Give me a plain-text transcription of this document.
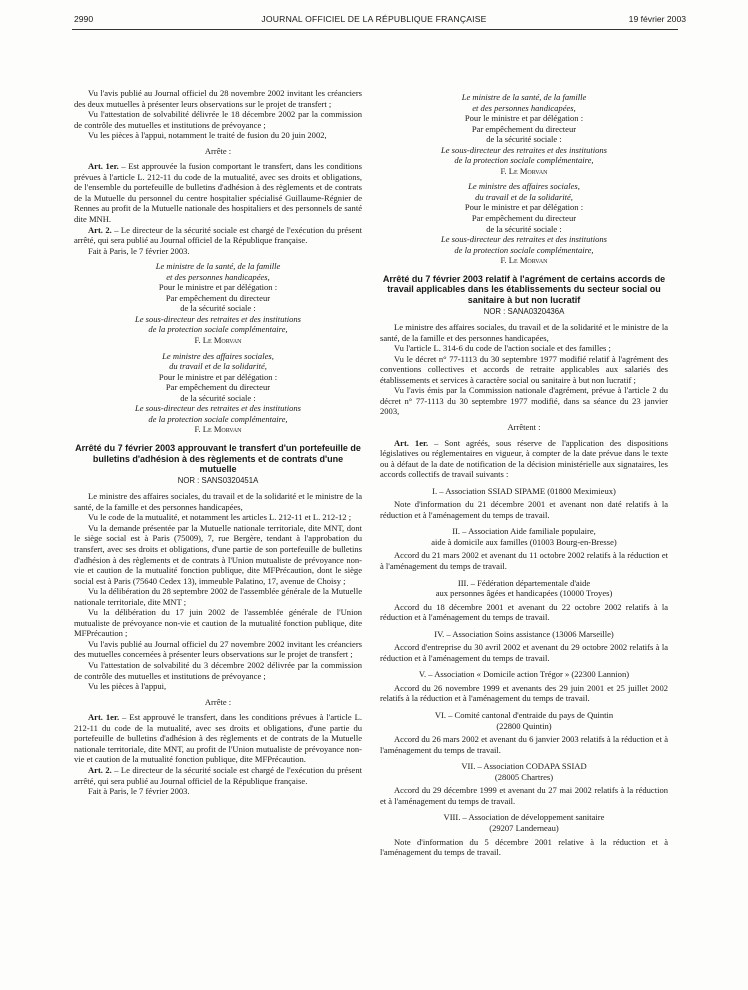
2990	JOURNAL OFFICIEL DE LA RÉPUBLIQUE FRANÇAISE	19 février 2003

Vu l'avis publié au Journal officiel du 28 novembre 2002 invitant les créanciers des deux mutuelles à présenter leurs observations sur le projet de transfert ;

Vu l'attestation de solvabilité délivrée le 18 décembre 2002 par la commission de contrôle des mutuelles et institutions de prévoyance ;

Vu les pièces à l'appui, notamment le traité de fusion du 20 juin 2002,

Arrête :

Art. 1er. – Est approuvée la fusion comportant le transfert, dans les conditions prévues à l'article L. 212-11 du code de la mutualité, avec ses droits et obligations, de l'ensemble du portefeuille de bulletins d'adhésion à des règlements et de contrats de la Mutuelle du personnel du centre hospitalier spécialisé Guillaume-Régnier de Rennes au profit de la Mutuelle nationale des hospitaliers et des personnels de santé dite MNH.

Art. 2. – Le directeur de la sécurité sociale est chargé de l'exécution du présent arrêté, qui sera publié au Journal officiel de la République française.

Fait à Paris, le 7 février 2003.

Le ministre de la santé, de la famille
et des personnes handicapées,
Pour le ministre et par délégation :
Par empêchement du directeur
de la sécurité sociale :
Le sous-directeur des retraites et des institutions
de la protection sociale complémentaire,
F. Le Morvan
Le ministre des affaires sociales,
du travail et de la solidarité,
Pour le ministre et par délégation :
Par empêchement du directeur
de la sécurité sociale :
Le sous-directeur des retraites et des institutions
de la protection sociale complémentaire,
F. Le Morvan

Arrêté du 7 février 2003 approuvant le transfert d'un portefeuille de bulletins d'adhésion à des règlements et de contrats d'une mutuelle

NOR : SANS0320451A

Le ministre des affaires sociales, du travail et de la solidarité et le ministre de la santé, de la famille et des personnes handicapées,

Vu le code de la mutualité, et notamment les articles L. 212-11 et L. 212-12 ;

Vu la demande présentée par la Mutuelle nationale territoriale, dite MNT, dont le siège social est à Paris (75009), 7, rue Bergère, tendant à l'approbation du transfert, avec ses droits et obligations, d'une partie de son portefeuille de bulletins d'adhésion à des règlements et de contrats à l'Union mutualiste de prévoyance non-vie et caution de la mutualité fonction publique, dite MFPrécaution, dont le siège social est à Paris (75640 Cedex 13), immeuble Palatino, 17, avenue de Choisy ;

Vu la délibération du 28 septembre 2002 de l'assemblée générale de la Mutuelle nationale territoriale, dite MNT ;

Vu la délibération du 17 juin 2002 de l'assemblée générale de l'Union mutualiste de prévoyance non-vie et caution de la mutualité fonction publique, dite MFPrécaution ;

Vu l'avis publié au Journal officiel du 27 novembre 2002 invitant les créanciers des mutuelles concernées à présenter leurs observations sur le projet de transfert ;

Vu l'attestation de solvabilité du 3 décembre 2002 délivrée par la commission de contrôle des mutuelles et institutions de prévoyance ;

Vu les pièces à l'appui,

Arrête :

Art. 1er. – Est approuvé le transfert, dans les conditions prévues à l'article L. 212-11 du code de la mutualité, avec ses droits et obligations, d'une partie du portefeuille de bulletins d'adhésion à des règlements et de contrats de la Mutuelle nationale territoriale, dite MNT, au profit de l'Union mutualiste de prévoyance non-vie et caution de la mutualité fonction publique, dite MFPrécaution.

Art. 2. – Le directeur de la sécurité sociale est chargé de l'exécution du présent arrêté, qui sera publié au Journal officiel de la République française.

Fait à Paris, le 7 février 2003.

Le ministre de la santé, de la famille
et des personnes handicapées,
Pour le ministre et par délégation :
Par empêchement du directeur
de la sécurité sociale :
Le sous-directeur des retraites et des institutions
de la protection sociale complémentaire,
F. Le Morvan
Le ministre des affaires sociales,
du travail et de la solidarité,
Pour le ministre et par délégation :
Par empêchement du directeur
de la sécurité sociale :
Le sous-directeur des retraites et des institutions
de la protection sociale complémentaire,
F. Le Morvan

Arrêté du 7 février 2003 relatif à l'agrément de certains accords de travail applicables dans les établissements du secteur social ou sanitaire à but non lucratif

NOR : SANA0320436A

Le ministre des affaires sociales, du travail et de la solidarité et le ministre de la santé, de la famille et des personnes handicapées,

Vu l'article L. 314-6 du code de l'action sociale et des familles ;

Vu le décret n° 77-1113 du 30 septembre 1977 modifié relatif à l'agrément des conventions collectives et accords de retraite applicables aux salariés des établissements et services à caractère social ou sanitaire à but non lucratif ;

Vu l'avis émis par la Commission nationale d'agrément, prévue à l'article 2 du décret n° 77-1113 du 30 septembre 1977 modifié, dans sa séance du 23 janvier 2003,

Arrêtent :

Art. 1er. – Sont agréés, sous réserve de l'application des dispositions législatives ou réglementaires en vigueur, à compter de la date prévue dans le texte ou à défaut de la date de notification de la décision ministérielle aux signataires, les accords collectifs de travail suivants :

I. – Association SSIAD SIPAME (01800 Meximieux)

Note d'information du 21 décembre 2001 et avenant non daté relatifs à la réduction et à l'aménagement du temps de travail.

II. – Association Aide familiale populaire,

aide à domicile aux familles (01003 Bourg-en-Bresse)

Accord du 21 mars 2002 et avenant du 11 octobre 2002 relatifs à la réduction et à l'aménagement du temps de travail.

III. – Fédération départementale d'aide

aux personnes âgées et handicapées (10000 Troyes)

Accord du 18 décembre 2001 et avenant du 22 octobre 2002 relatifs à la réduction et à l'aménagement du temps de travail.

IV. – Association Soins assistance (13006 Marseille)

Accord d'entreprise du 30 avril 2002 et avenant du 29 octobre 2002 relatifs à la réduction et à l'aménagement du temps de travail.

V. – Association « Domicile action Trégor » (22300 Lannion)

Accord du 26 novembre 1999 et avenants des 29 juin 2001 et 25 juillet 2002 relatifs à la réduction et à l'aménagement du temps de travail.

VI. – Comité cantonal d'entraide du pays de Quintin

(22800 Quintin)

Accord du 26 mars 2002 et avenant du 6 janvier 2003 relatifs à la réduction et à l'aménagement du temps de travail.

VII. – Association CODAPA SSIAD

(28005 Chartres)

Accord du 29 décembre 1999 et avenant du 27 mai 2002 relatifs à la réduction et à l'aménagement du temps de travail.

VIII. – Association de développement sanitaire

(29207 Landerneau)

Note d'information du 5 décembre 2001 relative à la réduction et à l'aménagement du temps de travail.
